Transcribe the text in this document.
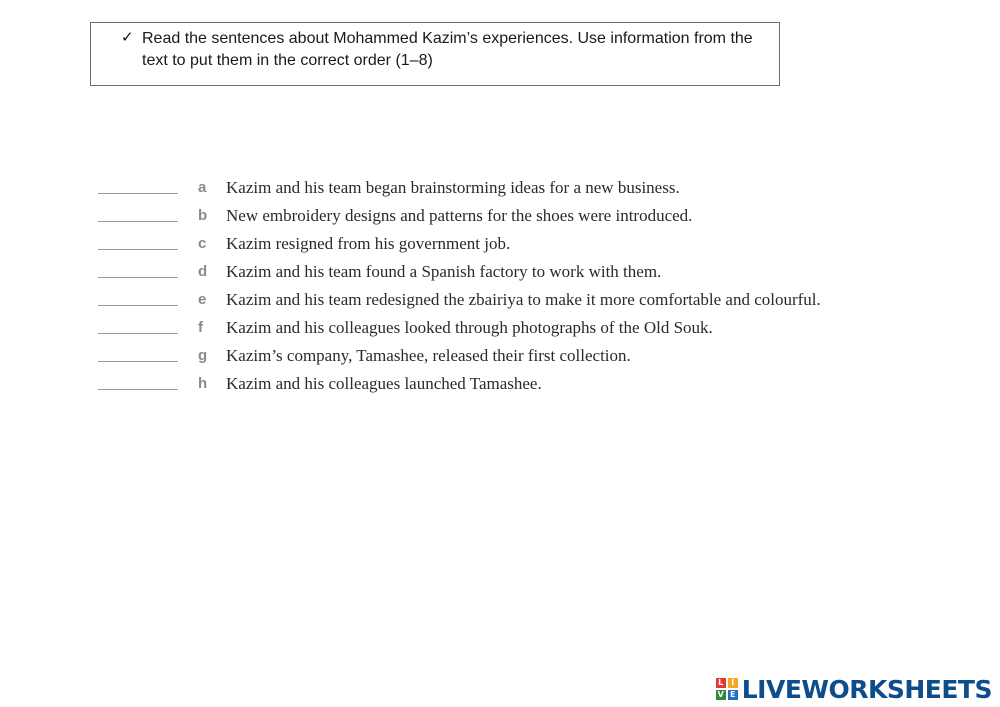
✓ Read the sentences about Mohammed Kazim’s experiences. Use information from the text to put them in the correct order (1–8)
a Kazim and his team began brainstorming ideas for a new business.
b New embroidery designs and patterns for the shoes were introduced.
c Kazim resigned from his government job.
d Kazim and his team found a Spanish factory to work with them.
e Kazim and his team redesigned the zbairiya to make it more comfortable and colourful.
f Kazim and his colleagues looked through photographs of the Old Souk.
g Kazim’s company, Tamashee, released their first collection.
h Kazim and his colleagues launched Tamashee.
L I
V E LIVEWORKSHEETS
